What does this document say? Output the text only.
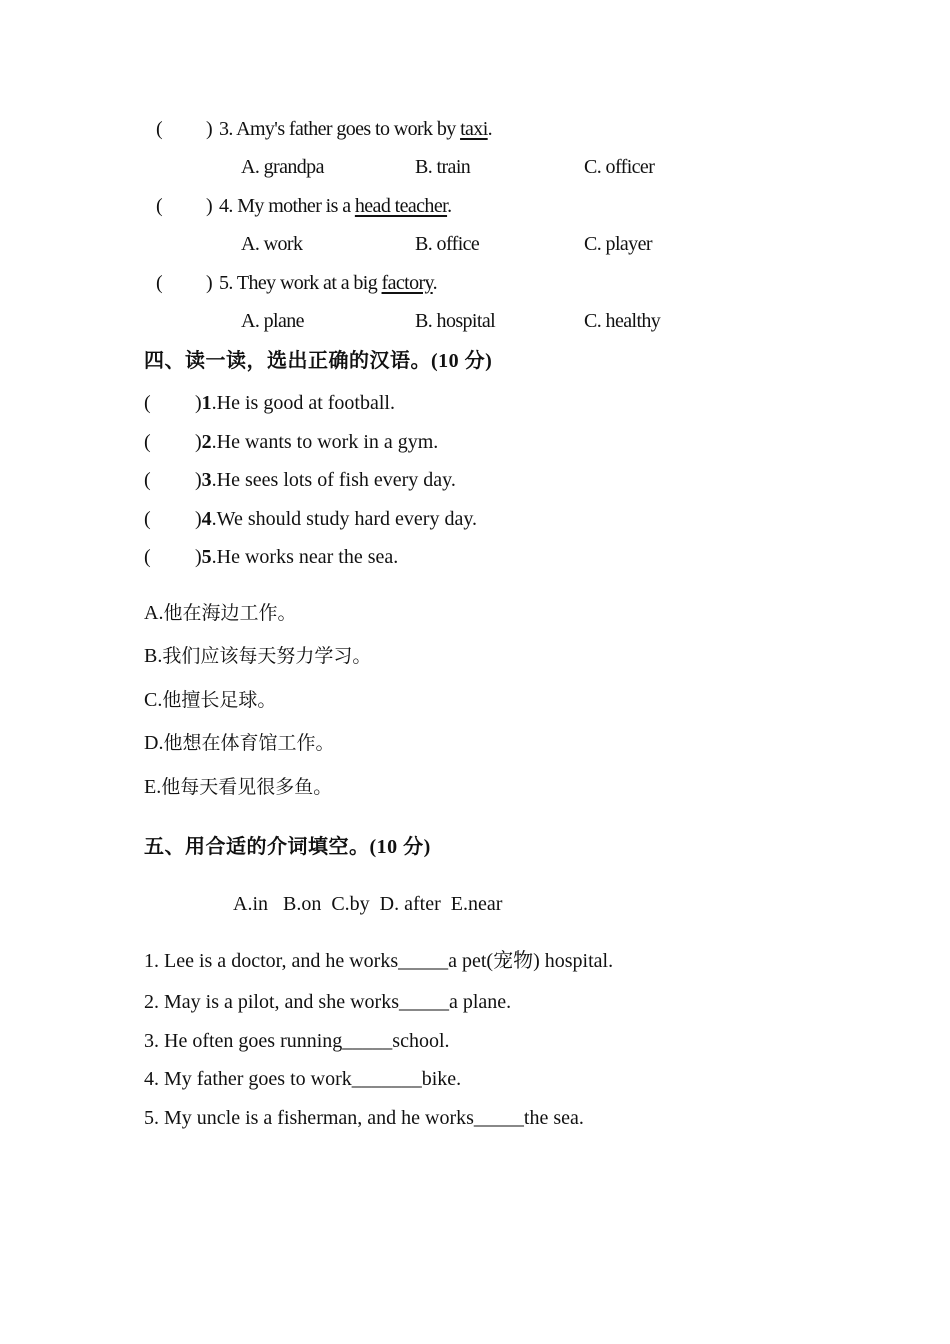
( ) 3. Amy's father goes to work by taxi.
A. grandpa	B. train	C. officer
( ) 4. My mother is a head teacher.
A. work	B. office	C. player
( ) 5. They work at a big factory.
A. plane	B. hospital	C. healthy
四、读一读，选出正确的汉语。(10 分)
( )1.He is good at football.
( )2.He wants to work in a gym.
( )3.He sees lots of fish every day.
( )4.We should study hard every day.
( )5.He works near the sea.
A.他在海边工作。
B.我们应该每天努力学习。
C.他擅长足球。
D.他想在体育馆工作。
E.他每天看见很多鱼。
五、用合适的介词填空。(10 分)
A.in   B.on  C.by  D. after  E.near
1. Lee is a doctor, and he works_____a pet(宠物) hospital.
2. May is a pilot, and she works_____a plane.
3. He often goes running_____school.
4. My father goes to work_______bike.
5. My uncle is a fisherman, and he works_____the sea.
